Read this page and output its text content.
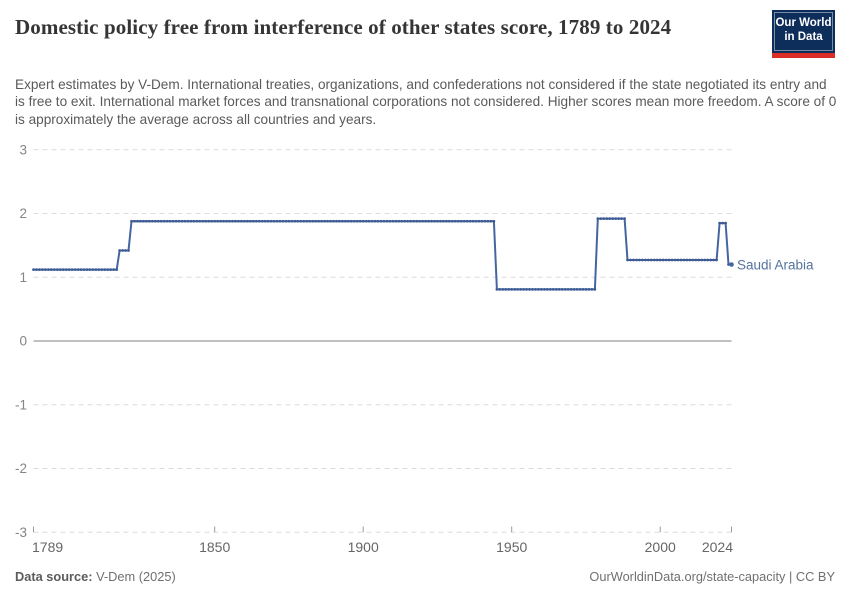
Domestic policy free from interference of other states score, 1789 to 2024	Our World
in Data

Expert estimates by V-Dem. International treaties, organizations, and confederations not considered if the state negotiated its entry and is free to exit. International market forces and transnational corporations not considered. Higher scores mean more freedom. A score of 0 is approximately the average across all countries and years.

3
2
1
0
-1
-2
-3
1789	1850	1900	1950	2000 2024
Saudi Arabia
Data source: V-Dem (2025)	OurWorldinData.org/state-capacity | CC BY
